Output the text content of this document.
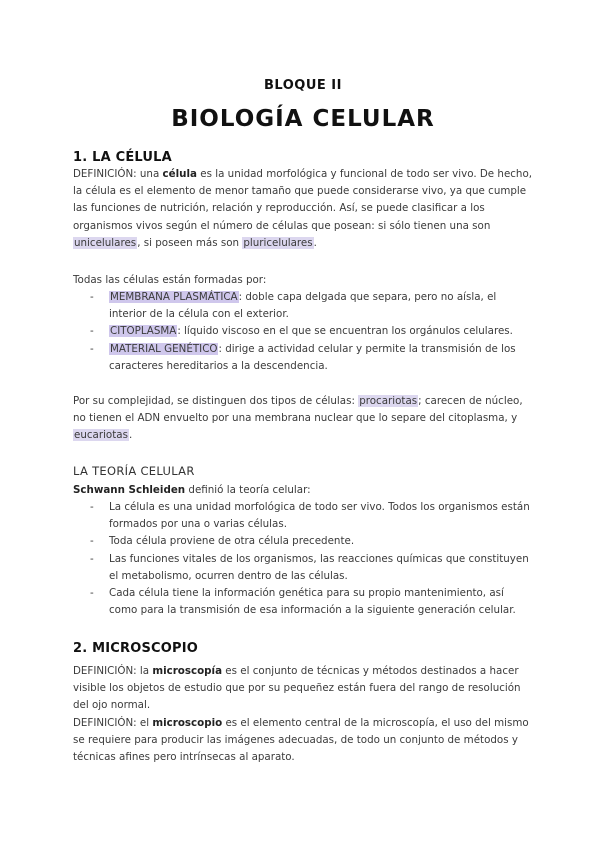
BLOQUE II
BIOLOGÍA CELULAR
1. LA CÉLULA
DEFINICIÓN: una célula es la unidad morfológica y funcional de todo ser vivo. De hecho, la célula es el elemento de menor tamaño que puede considerarse vivo, ya que cumple las funciones de nutrición, relación y reproducción. Así, se puede clasificar a los organismos vivos según el número de células que posean: si sólo tienen una son unicelulares, si poseen más son pluricelulares.
Todas las células están formadas por:
- MEMBRANA PLASMÁTICA: doble capa delgada que separa, pero no aísla, el interior de la célula con el exterior.
- CITOPLASMA: líquido viscoso en el que se encuentran los orgánulos celulares.
- MATERIAL GENÉTICO: dirige a actividad celular y permite la transmisión de los caracteres hereditarios a la descendencia.
Por su complejidad, se distinguen dos tipos de células: procariotas; carecen de núcleo, no tienen el ADN envuelto por una membrana nuclear que lo separe del citoplasma, y eucariotas.
LA TEORÍA CELULAR
Schwann Schleiden definió la teoría celular:
- La célula es una unidad morfológica de todo ser vivo. Todos los organismos están formados por una o varias células.
- Toda célula proviene de otra célula precedente.
- Las funciones vitales de los organismos, las reacciones químicas que constituyen el metabolismo, ocurren dentro de las células.
- Cada célula tiene la información genética para su propio mantenimiento, así como para la transmisión de esa información a la siguiente generación celular.
2. MICROSCOPIO
DEFINICIÓN: la microscopía es el conjunto de técnicas y métodos destinados a hacer visible los objetos de estudio que por su pequeñez están fuera del rango de resolución del ojo normal.
DEFINICIÓN: el microscopio es el elemento central de la microscopía, el uso del mismo se requiere para producir las imágenes adecuadas, de todo un conjunto de métodos y técnicas afines pero intrínsecas al aparato.
